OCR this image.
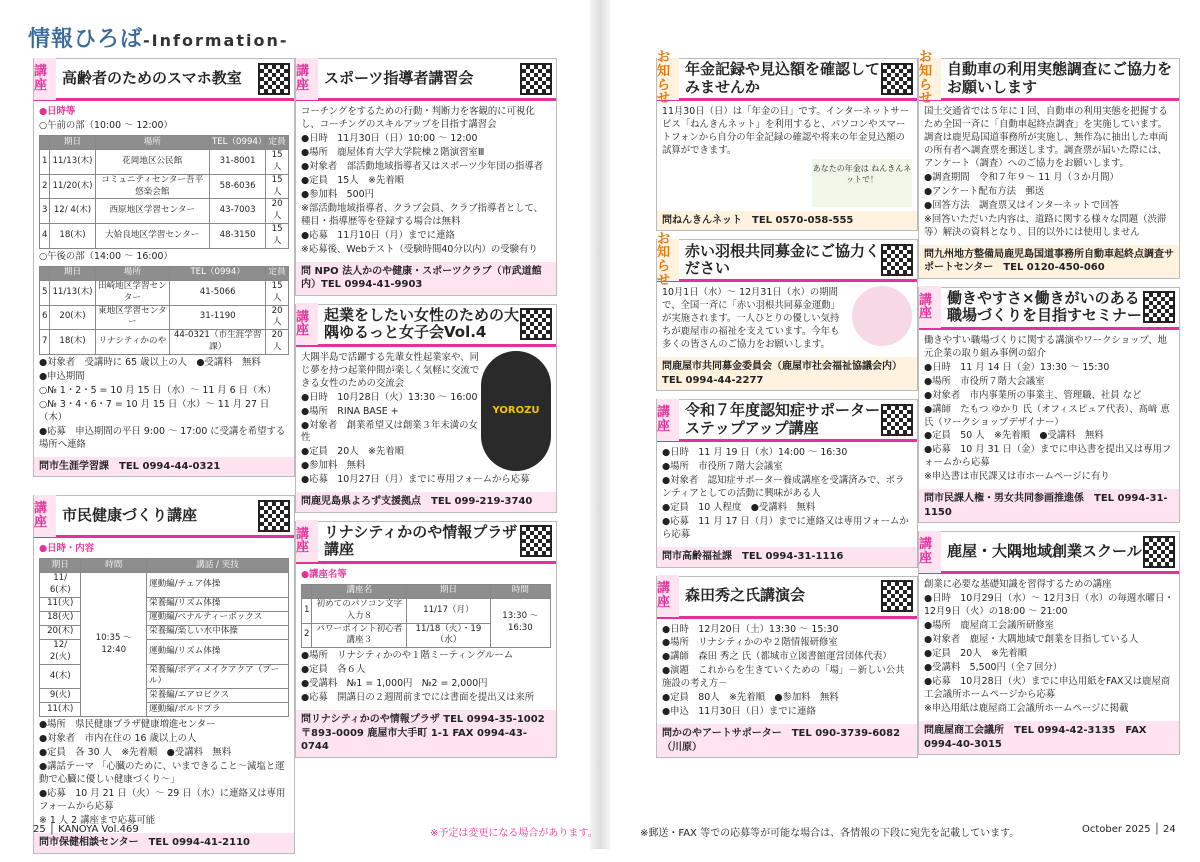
情報ひろば-Information-
講座 高齢者のためのスマホ教室

●日時等

○午前の部（10:00 ～ 12:00）

	期日	場所	TEL（0994）	定員
1	11/13(木)	花岡地区公民館	31-8001	15人
2	11/20(木)	コミュニティセンター吾平悠楽会館	58-6036	15人
3	12/ 4(木)	西原地区学習センター	43-7003	20人
4	18(木)	大姶良地区学習センター	48-3150	15人

○午後の部（14:00 ～ 16:00）

	期日	場所	TEL（0994）	定員
5	11/13(木)	田崎地区学習センター	41-5066	15人
6	20(木)	東地区学習センター	31-1190	20人
7	18(木)	リナシティかのや	44-0321（市生涯学習課）	20人

●対象者　受講時に 65 歳以上の人　●受講料　無料

●申込期間

○№ 1・2・5 = 10 月 15 日（水）～ 11 月 6 日（木）

○№ 3・4・6・7 = 10 月 15 日（水）～ 11 月 27 日（木）

●応募　申込期間の平日 9:00 ～ 17:00 に受講を希望する場所へ連絡

問市生涯学習課　TEL 0994-44-0321
講座 市民健康づくり講座

●日時・内容

期日	時間	講話 / 実技
11/ 6(木)	10:35 ～ 12:40	運動編/チェア体操
11(火)		栄養編/リズム体操
18(火)		運動編/ペナルティーボックス
20(木)		栄養編/楽しい水中体操
12/ 2(火)		運動編/リズム体操
4(木)		栄養編/ボディメイクアクア（プール）
9(火)		栄養編/エアロビクス
11(木)		運動編/ボルドプラ

●場所　県民健康プラザ健康増進センター

●対象者　市内在住の 16 歳以上の人

●定員　各 30 人　※先着順　●受講料　無料

●講話テーマ 「心臓のために、いまできること～減塩と運動で心臓に優しい健康づくり～」

●応募　10 月 21 日（火）～ 29 日（水）に連絡又は専用フォームから応募

※ 1 人 2 講座まで応募可能

問市保健相談センター　TEL 0994-41-2110
講座 スポーツ指導者講習会

コーチングをするための行動・判断力を客観的に可視化し、コーチングのスキルアップを目指す講習会

●日時　11月30日（日）10:00 ～ 12:00

●場所　鹿屋体育大学大学院棟２階演習室Ⅲ

●対象者　部活動地域指導者又はスポーツ少年団の指導者

●定員　15人　※先着順

●参加料　500円

※部活動地域指導者、クラブ会員、クラブ指導者として、種目・指導歴等を登録する場合は無料

●応募　11月10日（月）までに連絡

※応募後、Webテスト（受験時間40分以内）の受験有り

問 NPO 法人かのや健康・スポーツクラブ（市武道館内）TEL 0994-41-9903
講座
起業をしたい女性のための大隅ゆるっと女子会Vol.4
YOROZU

大隅半島で活躍する先輩女性起業家や、同じ夢を持つ起業仲間が楽しく気軽に交流できる女性のための交流会

●日時　10月28日（火）13:30 ～ 16:00

●場所　RINA BASE +

●対象者　創業希望又は創業３年未満の女性

●定員　20人　※先着順

●参加料　無料

●応募　10月27日（月）までに専用フォームから応募

問鹿児島県よろず支援拠点　TEL 099-219-3740
講座
リナシティかのや情報プラザ講座

●講座名等

	講座名	期日	時間
1	初めてのパソコン文字入力８	11/17（月）	13:30 ～ 16:30
2	パワーポイント初心者講座３	11/18（火）・19（水）	

●場所　リナシティかのや１階ミーティングルーム

●定員　各６人

●受講料　№1 = 1,000円　№2 = 2,000円

●応募　開講日の２週間前までには書面を提出又は来所

問リナシティかのや情報プラザ TEL 0994-35-1002 〒893-0009 鹿屋市大手町 1-1 FAX 0994-43-0744
お知らせ
年金記録や見込額を確認してみませんか

11月30日（日）は「年金の日」です。インターネットサービス「ねんきんネット」を利用すると、パソコンやスマートフォンから自分の年金記録の確認や将来の年金見込額の試算ができます。

あなたの年金は ねんきんネットで！
問ねんきんネット　TEL 0570-058-555
お知らせ
赤い羽根共同募金にご協力ください

10月1日（水）～ 12月31日（水）の期間で、全国一斉に「赤い羽根共同募金運動」が実施されます。一人ひとりの優しい気持ちが鹿屋市の福祉を支えています。今年も多くの皆さんのご協力をお願いします。

問鹿屋市共同募金委員会（鹿屋市社会福祉協議会内）TEL 0994-44-2277
講座
令和７年度認知症サポーターステップアップ講座

●日時　11 月 19 日（水）14:00 ～ 16:30

●場所　市役所７階大会議室

●対象者　認知症サポーター養成講座を受講済みで、ボランティアとしての活動に興味がある人

●定員　10 人程度　●受講料　無料

●応募　11 月 17 日（月）までに連絡又は専用フォームから応募

問市高齢福祉課　TEL 0994-31-1116
講座 森田秀之氏講演会

●日時　12月20日（土）13:30 ～ 15:30

●場所　リナシティかのや２階情報研修室

●講師　森田 秀之 氏（都城市立図書館運営団体代表）

●演題　これからを生きていくための「場」－新しい公共施設の考え方－

●定員　80人　※先着順　●参加料　無料

●申込　11月30日（日）までに連絡

問かのやアートサポーター　TEL 090-3739-6082（川原）
お知らせ
自動車の利用実態調査にご協力をお願いします

国土交通省では５年に１回、自動車の利用実態を把握するため全国一斉に「自動車起終点調査」を実施しています。調査は鹿児島国道事務所が実施し、無作為に抽出した車両の所有者へ調査票を郵送します。調査票が届いた際には、アンケート（調査）へのご協力をお願いします。

●調査期間　令和７年９～ 11 月（３か月間）

●アンケート配布方法　郵送

●回答方法　調査票又はインターネットで回答

※回答いただいた内容は、道路に関する様々な問題（渋滞等）解決の資料となり、目的以外には使用しません

問九州地方整備局鹿児島国道事務所自動車起終点調査サポートセンター　TEL 0120-450-060
講座
働きやすさ×働きがいのある職場づくりを目指すセミナー

働きやすい職場づくりに関する講演やワークショップ、地元企業の取り組み事例の紹介

●日時　11 月 14 日（金）13:30 ～ 15:30

●場所　市役所７階大会議室

●対象者　市内事業所の事業主、管理職、社員 など

●講師　たもつ ゆかり 氏（オフィスピュア代表）、髙﨑 恵 氏（ワークショップデザイナー）

●定員　50 人　※先着順　●受講料　無料

●応募　10 月 31 日（金）までに申込書を提出又は専用フォームから応募

※申込書は市民課又は市ホームページに有り

問市民課人権・男女共同参画推進係　TEL 0994-31-1150
講座 鹿屋・大隅地域創業スクール

創業に必要な基礎知識を習得するための講座

●日時　10月29日（水）～ 12月3日（水）の毎週水曜日・12月9日（火）の18:00 ～ 21:00

●場所　鹿屋商工会議所研修室

●対象者　鹿屋・大隅地域で創業を目指している人

●定員　20人　※先着順

●受講料　5,500円（全７回分）

●応募　10月28日（火）までに申込用紙をFAX又は鹿屋商工会議所ホームページから応募

※申込用紙は鹿屋商工会議所ホームページに掲載

問鹿屋商工会議所　TEL 0994-42-3135　FAX 0994-40-3015
25 │ KANOYA Vol.469	※予定は変更になる場合があります。	※郵送・FAX 等での応募等が可能な場合は、各情報の下段に宛先を記載しています。	October 2025 │ 24
